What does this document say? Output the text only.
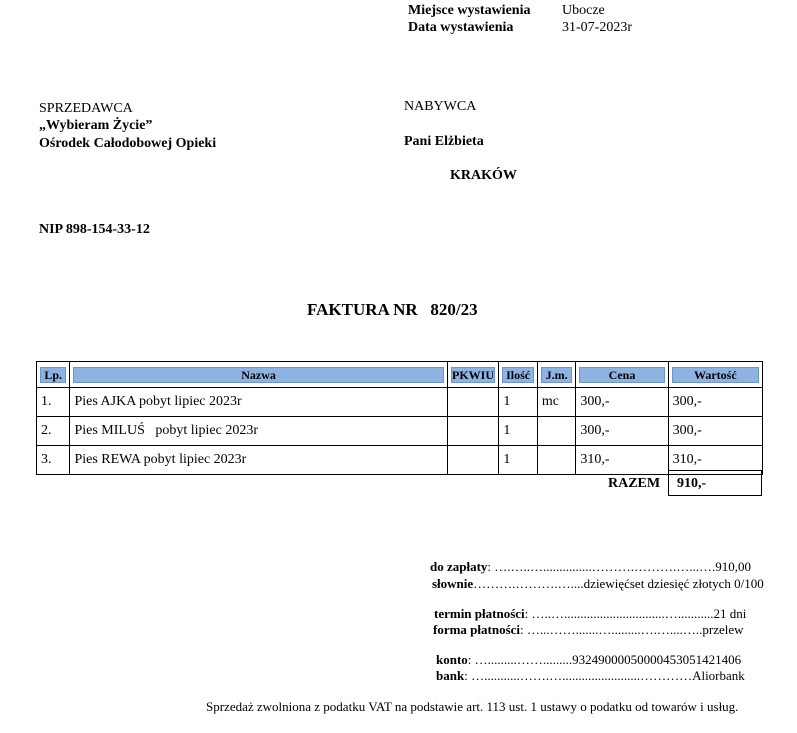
Miejsce wystawienia Ubocze
Data wystawienia	31-07-2023r
SPRZEDAWCA
„Wybieram Życie”
Ośrodek Całodobowej Opieki
NIP 898-154-33-12
NABYWCA
Pani Elżbieta
KRAKÓW
FAKTURA NR   820/23
Lp.	Nazwa	PKWIU	Ilość	J.m.	Cena	Wartość

1.	Pies AJKA pobyt lipiec 2023r		1	mc	300,-	300,-
2.	Pies MILUŚ   pobyt lipiec 2023r		1		300,-	300,-
3.	Pies REWA pobyt lipiec 2023r		1		310,-	310,-
RAZEM	910,-
do zapłaty: ….…..…...............……….……….…...….910,00
słownie……….……….…....dziewięćset dziesięć złotych 0/100
termin płatności: …..…...............................…...........21 dni
forma płatności: …...…….......….........….…....…..przelew
konto: ….........…….........93249000050000453051421406
bank: …...........…….…........................…………Aliorbank
Sprzedaż zwolniona z podatku VAT na podstawie art. 113 ust. 1 ustawy o podatku od towarów i usług.
